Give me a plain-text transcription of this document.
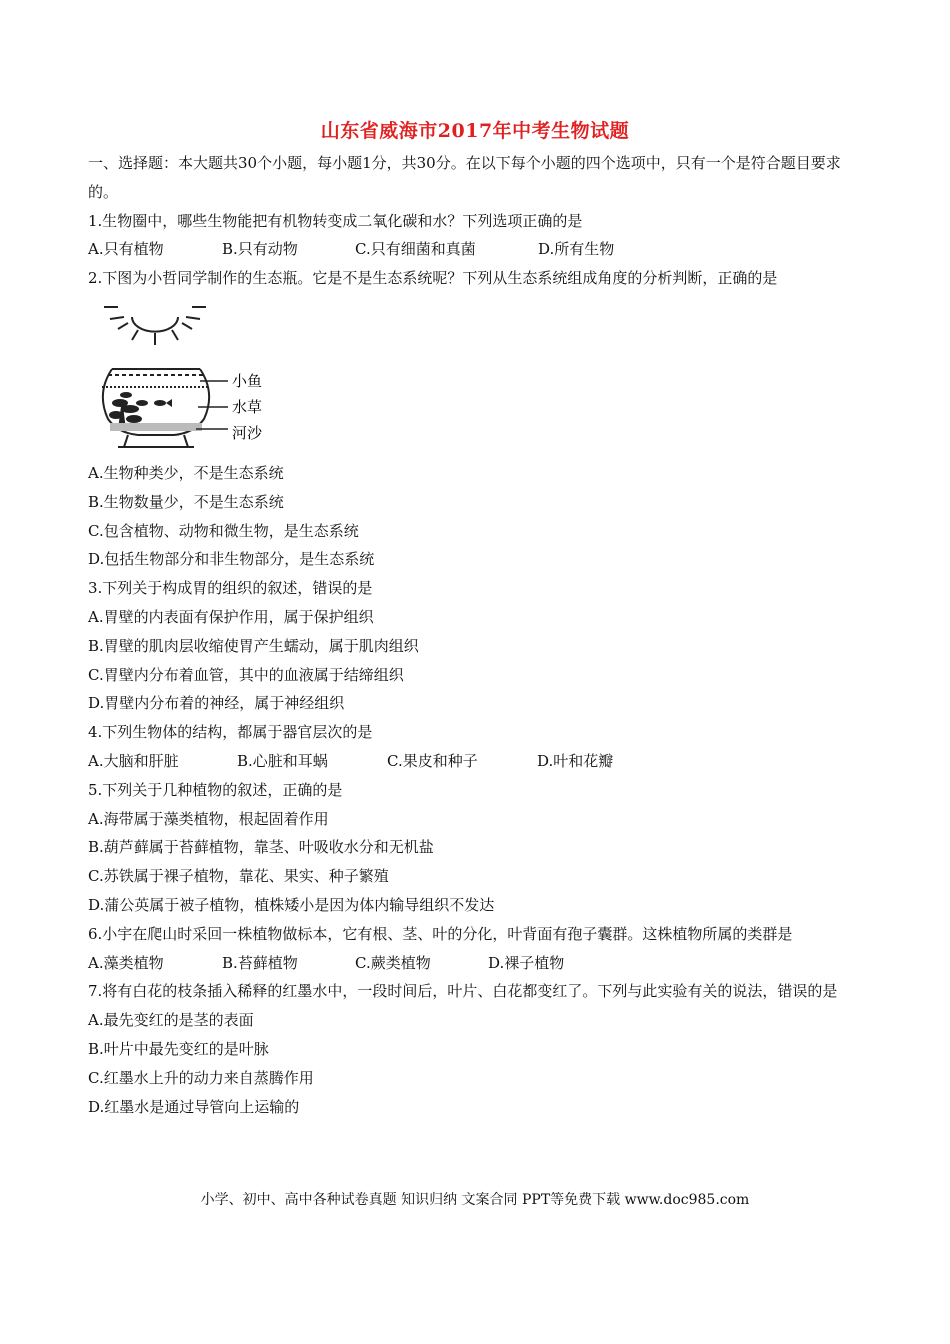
山东省威海市2017年中考生物试题
一、选择题：本大题共30个小题，每小题1分，共30分。在以下每个小题的四个选项中，只有一个是符合题目要求的。
1.生物圈中，哪些生物能把有机物转变成二氧化碳和水？下列选项正确的是
A.只有植物	B.只有动物	C.只有细菌和真菌	D.所有生物
2.下图为小哲同学制作的生态瓶。它是不是生态系统呢？下列从生态系统组成角度的分析判断，正确的是
小鱼
水草
河沙
A.生物种类少，不是生态系统
B.生物数量少，不是生态系统
C.包含植物、动物和微生物，是生态系统
D.包括生物部分和非生物部分，是生态系统
3.下列关于构成胃的组织的叙述，错误的是
A.胃壁的内表面有保护作用，属于保护组织
B.胃壁的肌肉层收缩使胃产生蠕动，属于肌肉组织
C.胃壁内分布着血管，其中的血液属于结缔组织
D.胃壁内分布着的神经，属于神经组织
4.下列生物体的结构，都属于器官层次的是
A.大脑和肝脏	B.心脏和耳蜗	C.果皮和种子	D.叶和花瓣
5.下列关于几种植物的叙述，正确的是
A.海带属于藻类植物，根起固着作用
B.葫芦藓属于苔藓植物，靠茎、叶吸收水分和无机盐
C.苏铁属于裸子植物，靠花、果实、种子繁殖
D.蒲公英属于被子植物，植株矮小是因为体内输导组织不发达
6.小宇在爬山时采回一株植物做标本，它有根、茎、叶的分化，叶背面有孢子囊群。这株植物所属的类群是
A.藻类植物	B.苔藓植物	C.蕨类植物	D.裸子植物
7.将有白花的枝条插入稀释的红墨水中，一段时间后，叶片、白花都变红了。下列与此实验有关的说法，错误的是
A.最先变红的是茎的表面
B.叶片中最先变红的是叶脉
C.红墨水上升的动力来自蒸腾作用
D.红墨水是通过导管向上运输的
小学、初中、高中各种试卷真题 知识归纳 文案合同 PPT等免费下载 www.doc985.com
